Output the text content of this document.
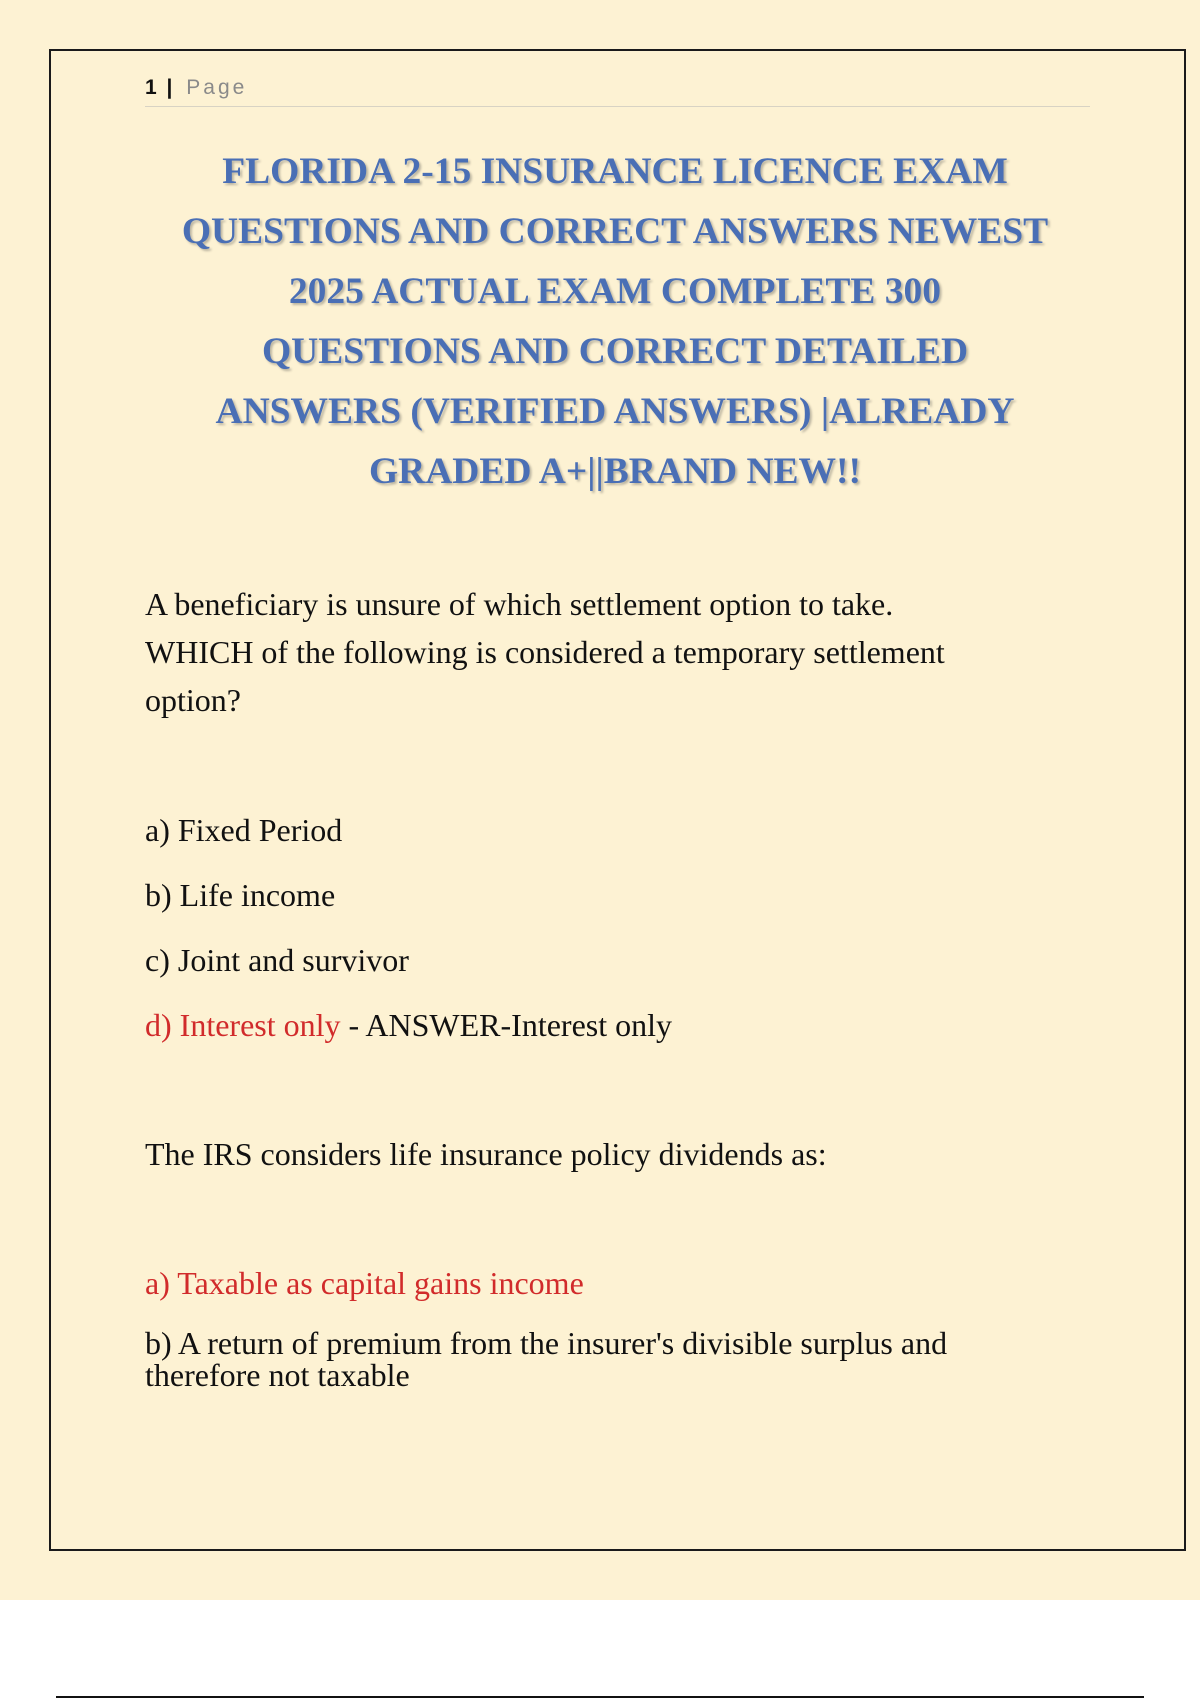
1 | Page
FLORIDA 2-15 INSURANCE LICENCE EXAM
QUESTIONS AND CORRECT ANSWERS NEWEST
2025 ACTUAL EXAM COMPLETE 300
QUESTIONS AND CORRECT DETAILED
ANSWERS (VERIFIED ANSWERS) |ALREADY
GRADED A+||BRAND NEW!!
A beneficiary is unsure of which settlement option to take.
WHICH of the following is considered a temporary settlement
option?
a) Fixed Period
b) Life income
c) Joint and survivor
d) Interest only - ANSWER-Interest only
The IRS considers life insurance policy dividends as:
a) Taxable as capital gains income
b) A return of premium from the insurer's divisible surplus and
therefore not taxable
